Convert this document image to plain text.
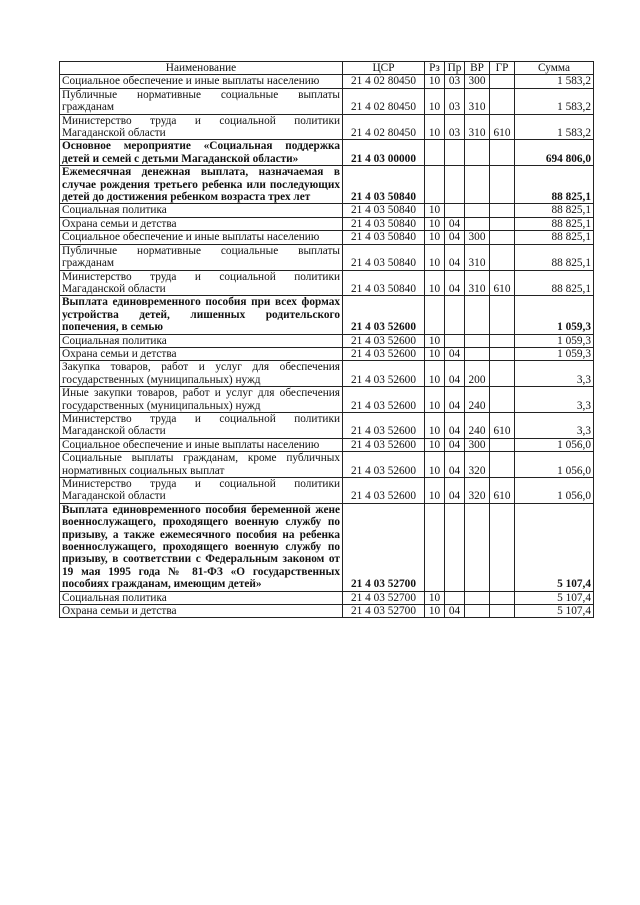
Наименование	ЦСР	Рз	Пр	ВР	ГР	Сумма
Социальное обеспечение и иные выплаты населению	21 4 02 80450	10	03	300		1 583,2
Публичные нормативные социальные выплаты гражданам	21 4 02 80450	10	03	310		1 583,2
Министерство труда и социальной политики Магаданской области	21 4 02 80450	10	03	310	610	1 583,2
Основное мероприятие «Социальная поддержка детей и семей с детьми Магаданской области»	21 4 03 00000					694 806,0
Ежемесячная денежная выплата, назначаемая в случае рождения третьего ребенка или последующих детей до достижения ребенком возраста трех лет	21 4 03 50840					88 825,1
Социальная политика	21 4 03 50840	10				88 825,1
Охрана семьи и детства	21 4 03 50840	10	04			88 825,1
Социальное обеспечение и иные выплаты населению	21 4 03 50840	10	04	300		88 825,1
Публичные нормативные социальные выплаты гражданам	21 4 03 50840	10	04	310		88 825,1
Министерство труда и социальной политики Магаданской области	21 4 03 50840	10	04	310	610	88 825,1
Выплата единовременного пособия при всех формах устройства детей, лишенных родительского попечения, в семью	21 4 03 52600					1 059,3
Социальная политика	21 4 03 52600	10				1 059,3
Охрана семьи и детства	21 4 03 52600	10	04			1 059,3
Закупка товаров, работ и услуг для обеспечения государственных (муниципальных) нужд	21 4 03 52600	10	04	200		3,3
Иные закупки товаров, работ и услуг для обеспечения государственных (муниципальных) нужд	21 4 03 52600	10	04	240		3,3
Министерство труда и социальной политики Магаданской области	21 4 03 52600	10	04	240	610	3,3
Социальное обеспечение и иные выплаты населению	21 4 03 52600	10	04	300		1 056,0
Социальные выплаты гражданам, кроме публичных нормативных социальных выплат	21 4 03 52600	10	04	320		1 056,0
Министерство труда и социальной политики Магаданской области	21 4 03 52600	10	04	320	610	1 056,0
Выплата единовременного пособия беременной жене военнослужащего, проходящего военную службу по призыву, а также ежемесячного пособия на ребенка военнослужащего, проходящего военную службу по призыву, в соответствии с Федеральным законом от 19 мая 1995 года № 81-ФЗ «О государственных пособиях гражданам, имеющим детей»	21 4 03 52700					5 107,4
Социальная политика	21 4 03 52700	10				5 107,4
Охрана семьи и детства	21 4 03 52700	10	04			5 107,4
